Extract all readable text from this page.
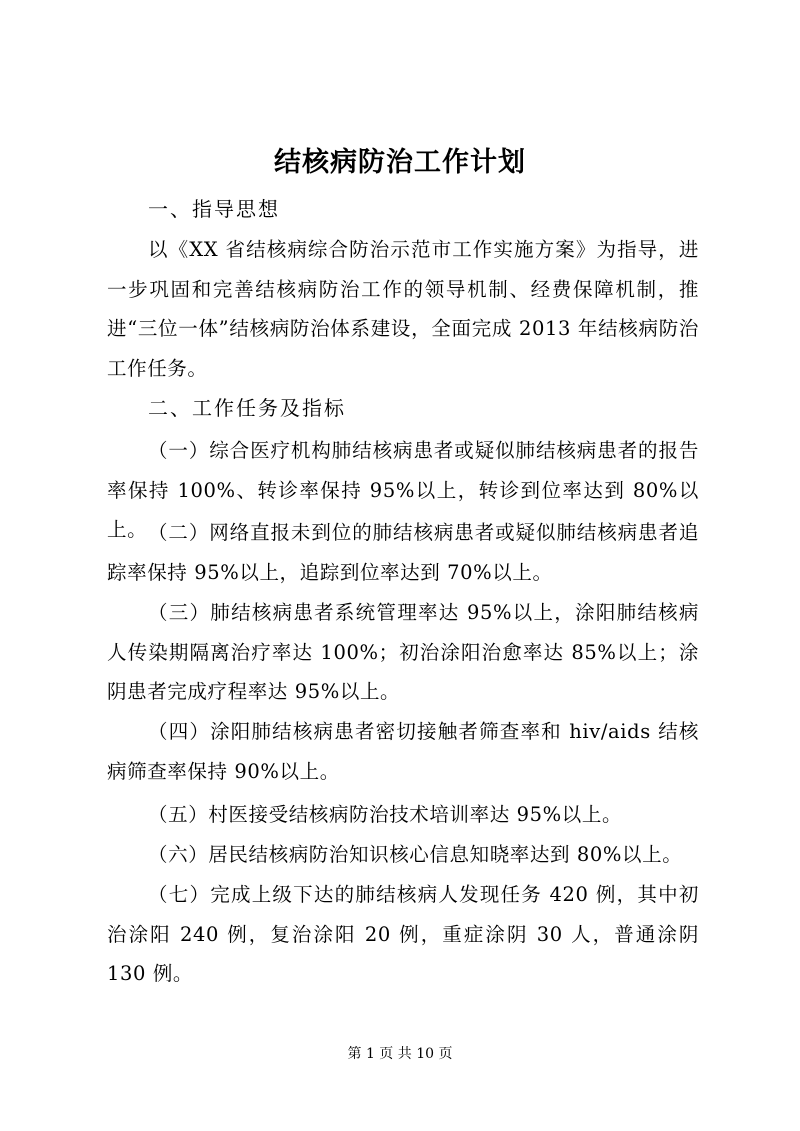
结核病防治工作计划
一、指导思想
以《XX 省结核病综合防治示范市工作实施方案》为指导，进一步巩固和完善结核病防治工作的领导机制、经费保障机制，推进“三位一体”结核病防治体系建设，全面完成 2013 年结核病防治工作任务。
二、工作任务及指标
（一）综合医疗机构肺结核病患者或疑似肺结核病患者的报告率保持 100%、转诊率保持 95%以上，转诊到位率达到 80%以上。 （二）网络直报未到位的肺结核病患者或疑似肺结核病患者追踪率保持 95%以上，追踪到位率达到 70%以上。
（三）肺结核病患者系统管理率达 95%以上，涂阳肺结核病人传染期隔离治疗率达 100%；初治涂阳治愈率达 85%以上；涂阴患者完成疗程率达 95%以上。
（四）涂阳肺结核病患者密切接触者筛查率和 hiv/aids 结核病筛查率保持 90%以上。
（五）村医接受结核病防治技术培训率达 95%以上。
（六）居民结核病防治知识核心信息知晓率达到 80%以上。
（七）完成上级下达的肺结核病人发现任务 420 例，其中初治涂阳 240 例，复治涂阳 20 例，重症涂阴 30 人，普通涂阴 130 例。
第 1 页 共 10 页
